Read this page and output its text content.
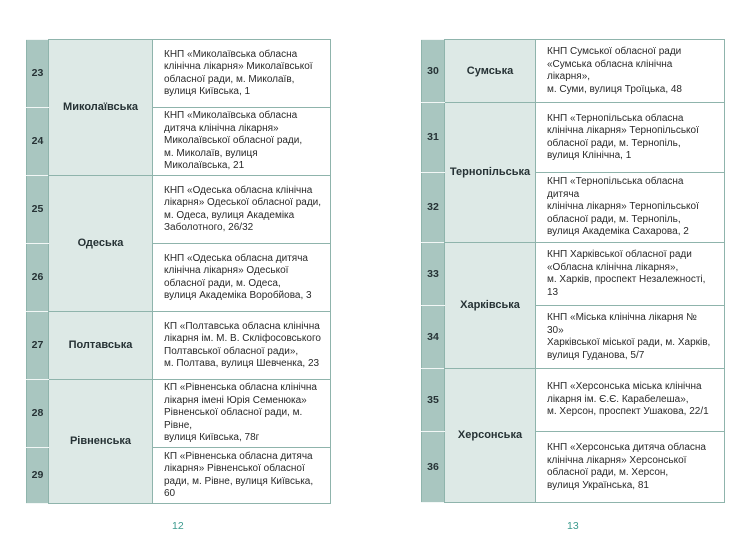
23	Миколаївська	КНП «Миколаївська обласна
клінічна лікарня» Миколаївської
обласної ради, м. Миколаїв,
вулиця Київська, 1

24		КНП «Миколаївська обласна
дитяча клінічна лікарня»
Миколаївської обласної ради,
м. Миколаїв, вулиця Миколаївська, 21

25	Одеська	КНП «Одеська обласна клінічна
лікарня» Одеської обласної ради,
м. Одеса, вулиця Академіка
Заболотного, 26/32

26		КНП «Одеська обласна дитяча
клінічна лікарня» Одеської
обласної ради, м. Одеса,
вулиця Академіка Воробйова, 3

27	Полтавська	КП «Полтавська обласна клінічна
лікарня ім. М. В. Скліфосовського
Полтавської обласної ради»,
м. Полтава, вулиця Шевченка, 23

28	Рівненська	КП «Рівненська обласна клінічна
лікарня імені Юрія Семенюка»
Рівненської обласної ради, м. Рівне,
вулиця Київська, 78г

29		КП «Рівненська обласна дитяча
лікарня» Рівненської обласної
ради, м. Рівне, вулиця Київська, 60
12
30	Сумська	КНП Сумської обласної ради
«Сумська обласна клінічна лікарня»,
м. Суми, вулиця Троїцька, 48

31	Тернопільська	КНП «Тернопільська обласна
клінічна лікарня» Тернопільської
обласної ради, м. Тернопіль,
вулиця Клінічна, 1

32		КНП «Тернопільська обласна дитяча
клінічна лікарня» Тернопільської
обласної ради, м. Тернопіль,
вулиця Академіка Сахарова, 2

33	Харківська	КНП Харківської обласної ради
«Обласна клінічна лікарня»,
м. Харків, проспект Незалежності, 13

34		КНП «Міська клінічна лікарня № 30»
Харківської міської ради, м. Харків,
вулиця Гуданова, 5/7

35	Херсонська	КНП «Херсонська міська клінічна
лікарня ім. Є.Є. Карабелеша»,
м. Херсон, проспект Ушакова, 22/1

36		КНП «Херсонська дитяча обласна
клінічна лікарня» Херсонської
обласної ради, м. Херсон,
вулиця Українська, 81
13
